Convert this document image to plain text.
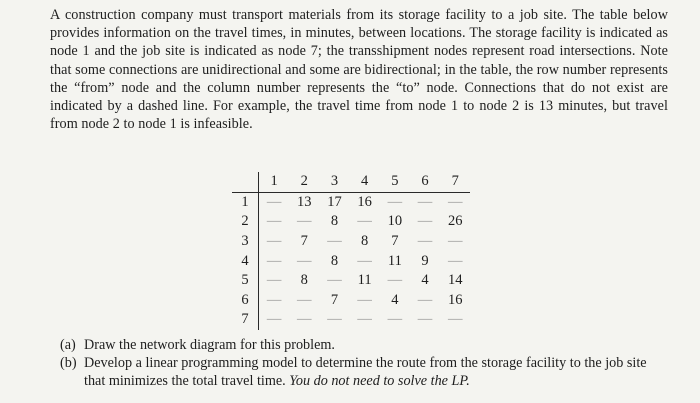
A construction company must transport materials from its storage facility to a job site. The table below provides information on the travel times, in minutes, between locations. The storage facility is indicated as node 1 and the job site is indicated as node 7; the transshipment nodes represent road intersections. Note that some connections are unidirectional and some are bidirectional; in the table, the row number represents the “from” node and the column number represents the “to” node. Connections that do not exist are indicated by a dashed line. For example, the travel time from node 1 to node 2 is 13 minutes, but travel from node 2 to node 1 is infeasible.
	1	2	3	4	5	6	7
1	—	13	17	16	—	—	—
2	—	—	8	—	10	—	26
3	—	7	—	8	7	—	—
4	—	—	8	—	11	9	—
5	—	8	—	11	—	4	14
6	—	—	7	—	4	—	16
7	—	—	—	—	—	—	—
(a) Draw the network diagram for this problem.
(b) Develop a linear programming model to determine the route from the storage facility to the job site that minimizes the total travel time. You do not need to solve the LP.
